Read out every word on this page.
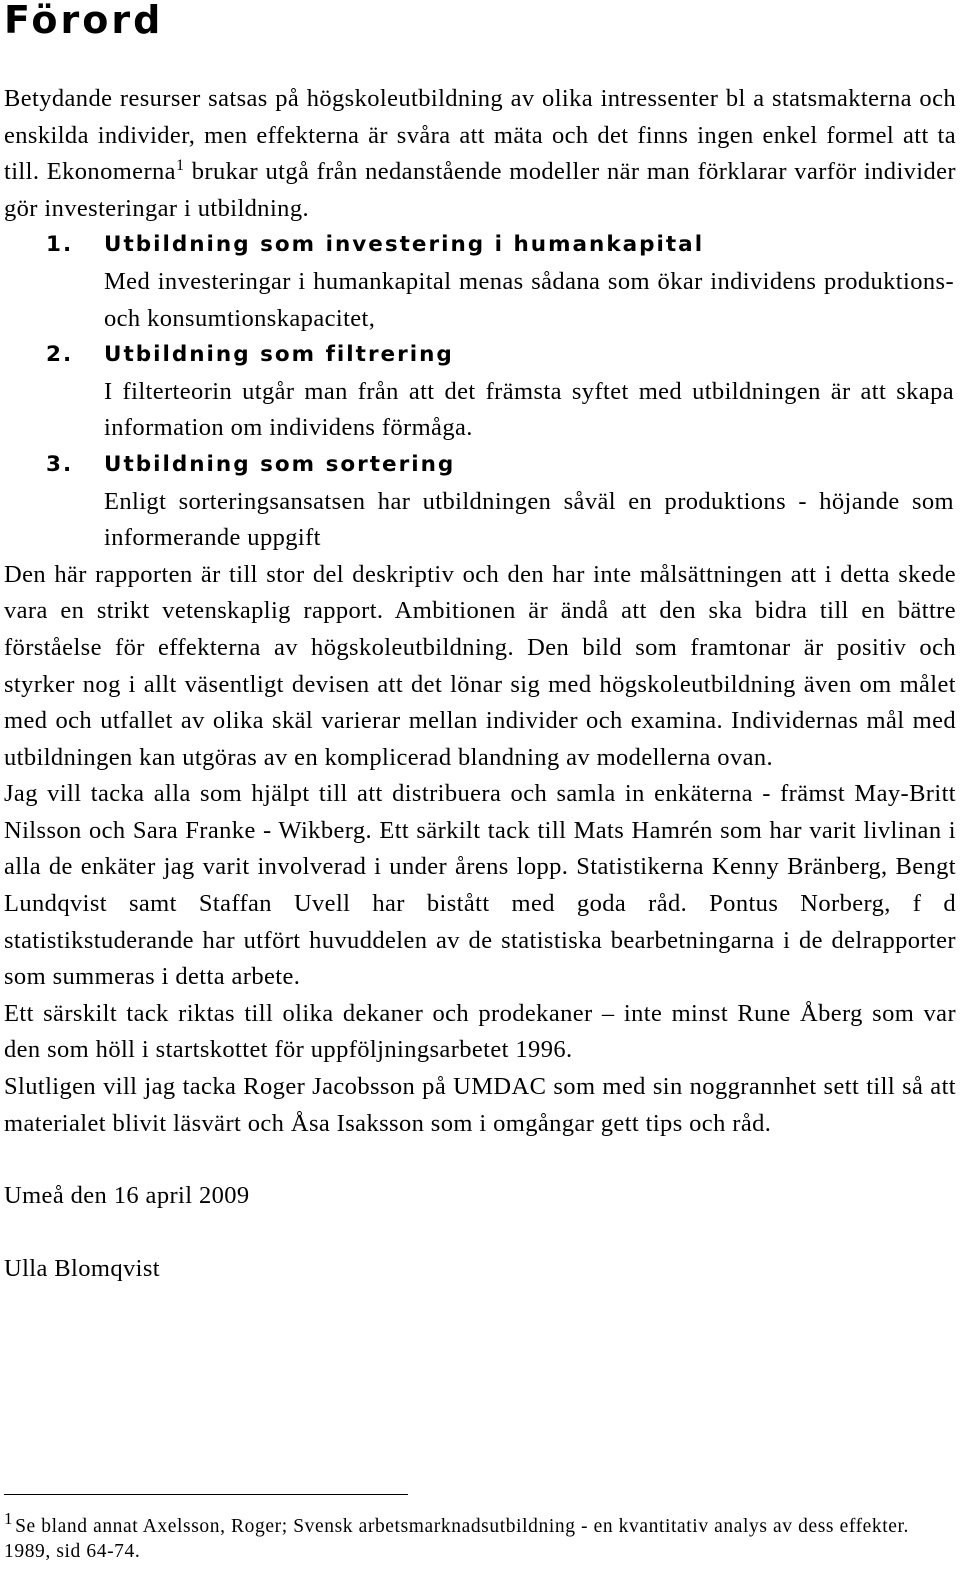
Förord

Betydande resurser satsas på högskoleutbildning av olika intressenter bl a statsmakterna och enskilda individer, men effekterna är svåra att mäta och det finns ingen enkel formel att ta till. Ekonomerna$^1$ brukar utgå från nedanstående modeller när man förklarar varför individer gör investeringar i utbildning.

1. Utbildning som investering i humankapital
Med investeringar i humankapital menas sådana som ökar individens produktions- och konsumtionskapacitet,
2. Utbildning som filtrering
I filterteorin utgår man från att det främsta syftet med utbildningen är att skapa information om individens förmåga.
3. Utbildning som sortering
Enligt sorteringsansatsen har utbildningen såväl en produktions - höjande som informerande uppgift

Den här rapporten är till stor del deskriptiv och den har inte målsättningen att i detta skede vara en strikt vetenskaplig rapport. Ambitionen är ändå att den ska bidra till en bättre förståelse för effekterna av högskoleutbildning. Den bild som framtonar är positiv och styrker nog i allt väsentligt devisen att det lönar sig med högskoleutbildning även om målet med och utfallet av olika skäl varierar mellan individer och examina. Individernas mål med utbildningen kan utgöras av en komplicerad blandning av modellerna ovan.

Jag vill tacka alla som hjälpt till att distribuera och samla in enkäterna - främst May-Britt Nilsson och Sara Franke - Wikberg. Ett särkilt tack till Mats Hamrén som har varit livlinan i alla de enkäter jag varit involverad i under årens lopp. Statistikerna Kenny Bränberg, Bengt Lundqvist samt Staffan Uvell har bistått med goda råd. Pontus Norberg, f d statistikstuderande har utfört huvuddelen av de statistiska bearbetningarna i de delrapporter som summeras i detta arbete.

Ett särskilt tack riktas till olika dekaner och prodekaner – inte minst Rune Åberg som var den som höll i startskottet för uppföljningsarbetet 1996.

Slutligen vill jag tacka Roger Jacobsson på UMDAC som med sin noggrannhet sett till så att materialet blivit läsvärt och Åsa Isaksson som i omgångar gett tips och råd.

Umeå den 16 april 2009

Ulla Blomqvist

$^1$ Se bland annat Axelsson, Roger; Svensk arbetsmarknadsutbildning - en kvantitativ analys av dess effekter. 1989, sid 64-74.
